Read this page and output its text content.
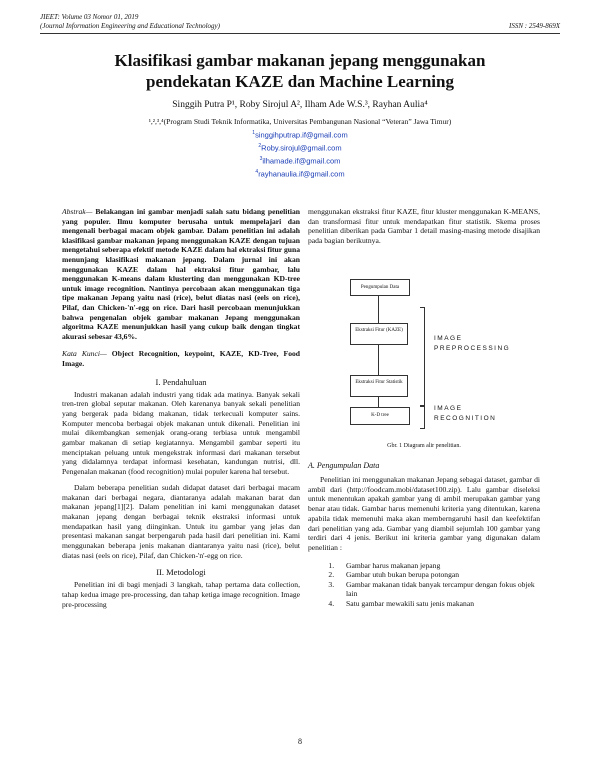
JIEET: Volume 03 Nomor 01, 2019
(Journal Information Engineering and Educational Technology)	ISSN : 2549-869X
Klasifikasi gambar makanan jepang menggunakan
pendekatan KAZE dan Machine Learning
Singgih Putra P¹, Roby Sirojul A², Ilham Ade W.S.³, Rayhan Aulia⁴
¹,²,³,⁴(Program Studi Teknik Informatika, Universitas Pembangunan Nasional “Veteran” Jawa Timur)
$^1$singgihputrap.if@gmail.com
$^2$Roby.sirojul@gmail.com
$^3$ilhamade.if@gmail.com
$^4$rayhanaulia.if@gmail.com

Abstrak— Belakangan ini gambar menjadi salah satu bidang penelitian yang populer. Ilmu komputer berusaha untuk mempelajari dan mengenali berbagai macam objek gambar. Dalam penelitian ini adalah klasifikasi gambar makanan jepang menggunakan KAZE dengan tujuan mengetahui seberapa efektif metode KAZE dalam hal ektraksi fitur guna menunjang klasifikasi makanan jepang. Dalam jurnal ini akan menggunakan KAZE dalam hal ektraksi fitur gambar, lalu menggunakan K-means dalam klusterting dan menggunakan KD-tree untuk image recognition. Nantinya percobaan akan menggunakan tiga tipe makanan Jepang yaitu nasi (rice), belut diatas nasi (eels on rice), Pilaf, dan Chicken-'n'-egg on rice. Dari hasil percobaan menunjukkan bahwa pengenalan objek gambar makanan Jepang menggunakan algoritma KAZE menunjukkan hasil yang cukup baik dengan tingkat akurasi sebesar 43,6%.

Kata Kunci— Object Recognition, keypoint, KAZE, KD-Tree, Food Image.

I. Pendahuluan

Industri makanan adalah industri yang tidak ada matinya. Banyak sekali tren-tren global seputar makanan. Oleh karenanya banyak sekali penelitian yang bergerak pada bidang makanan, tidak terkecuali komputer sains. Komputer mencoba berbagai objek makanan untuk dikenali. Penelitian ini mulai dikembangkan semenjak orang-orang terbiasa untuk mengambil gambar makanan di setiap kegiatannya. Mengambil gambar seperti itu menciptakan peluang untuk mengekstrak informasi dari makanan tersebut yang didalamnya terdapat informasi kesehatan, kandungan nutrisi, dll. Pengenalan makanan (food recognition) mulai populer karena hal tersebut.

Dalam beberapa penelitian sudah didapat dataset dari berbagai macam makanan dari berbagai negara, diantaranya adalah makanan barat dan makanan jepang[1][2]. Dalam penelitian ini kami menggunakan dataset makanan jepang dengan berbagai teknik ekstraksi informasi untuk mendapatkan hasil yang diinginkan. Untuk itu gambar yang jelas dan presentasi makanan sangat berpengaruh pada hasil dari penelitian ini. Kami menggunakan beberapa jenis makanan diantaranya yaitu nasi (rice), belut diatas nasi (eels on rice), Pilaf, dan Chicken-'n'-egg on rice.

II. Metodologi

Penelitian ini di bagi menjadi 3 langkah, tahap pertama data collection, tahap kedua image pre-processing, dan tahap ketiga image recognition. Image pre-processing

menggunakan ekstraksi fitur KAZE, fitur kluster menggunakan K-MEANS, dan transformasi fitur untuk mendapatkan fitur statistik. Skema proses penelitian diberikan pada Gambar 1 detail masing-masing metode disajikan pada bagian berikutnya.

Pengumpulan Data
Ekstraksi Fitur (KAZE)
Ekstraksi Fitur Statistik
K-D tree
IMAGE
PREPROCESSING
IMAGE
RECOGNITION
Gbr. 1 Diagram alir penelitian.
A. Pengumpulan Data

Penelitian ini menggunakan makanan Jepang sebagai dataset, gambar di ambil dari (http://foodcam.mobi/dataset100.zip). Lalu gambar diseleksi untuk menentukan apakah gambar yang di ambil merupakan gambar yang benar atau tidak. Gambar harus memenuhi kriteria yang ditentukan, karena apabila tidak memenuhi maka akan memberngaruhi hasil dan keefektifan dari penelitian yang ada. Gambar yang diambil sejumlah 100 gambar yang terdiri dari 4 jenis. Berikut ini kriteria gambar yang digunakan dalam penelitian :

1. Gambar harus makanan jepang
2. Gambar utuh bukan berupa potongan
3. Gambar makanan tidak banyak tercampur dengan fokus objek lain
4. Satu gambar mewakili satu jenis makanan
8
